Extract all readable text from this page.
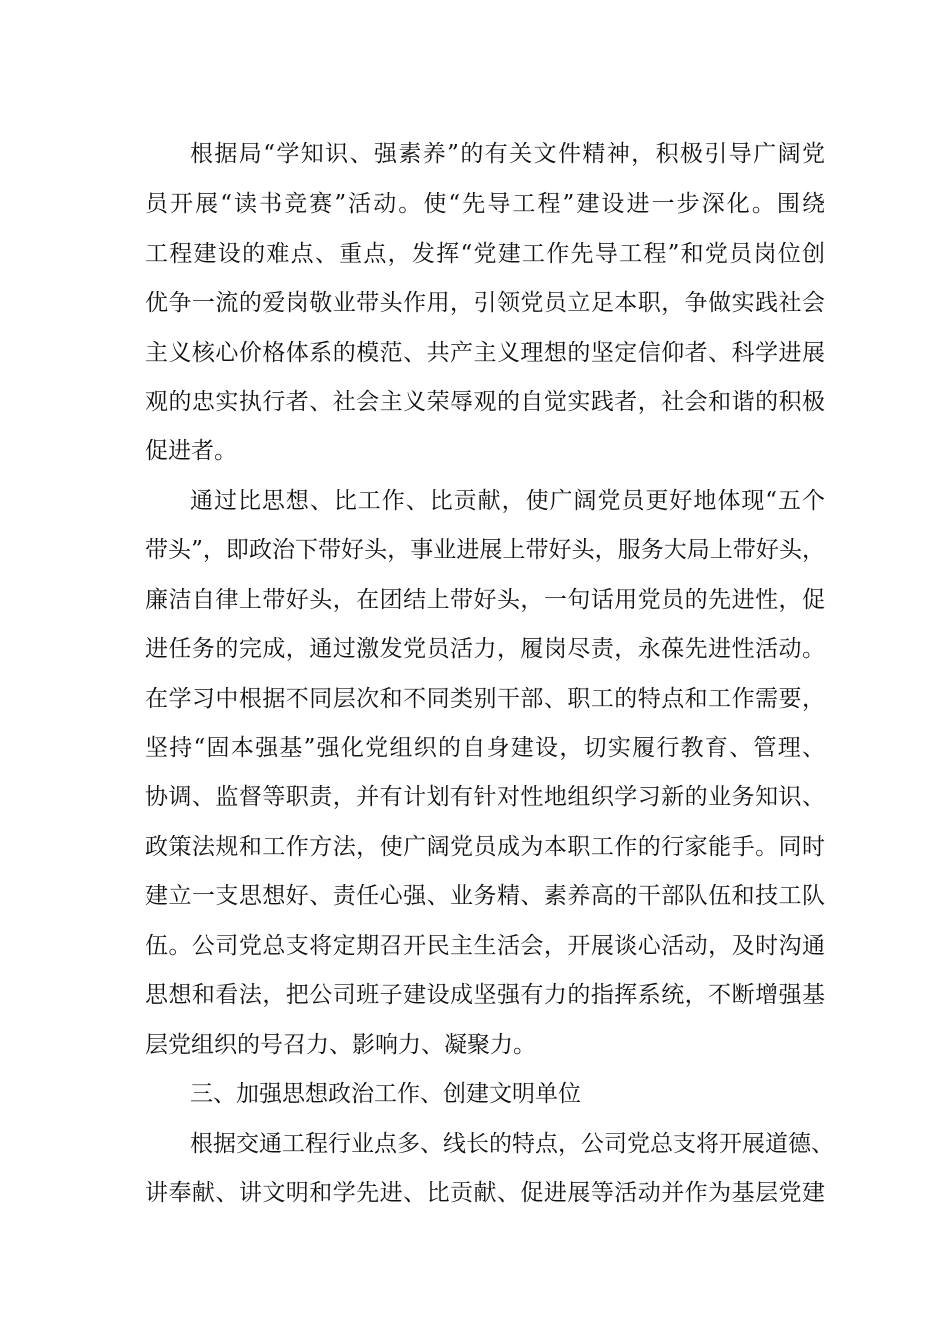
根据局“学知识、强素养”的有关文件精神，积极引导广阔党
员开展“读书竞赛”活动。使“先导工程”建设进一步深化。围绕
工程建设的难点、重点，发挥“党建工作先导工程”和党员岗位创
优争一流的爱岗敬业带头作用，引领党员立足本职，争做实践社会
主义核心价格体系的模范、共产主义理想的坚定信仰者、科学进展
观的忠实执行者、社会主义荣辱观的自觉实践者，社会和谐的积极
促进者。
通过比思想、比工作、比贡献，使广阔党员更好地体现“五个
带头”，即政治下带好头，事业进展上带好头，服务大局上带好头，
廉洁自律上带好头，在团结上带好头，一句话用党员的先进性，促
进任务的完成，通过激发党员活力，履岗尽责，永葆先进性活动。
在学习中根据不同层次和不同类别干部、职工的特点和工作需要，
坚持“固本强基”强化党组织的自身建设，切实履行教育、管理、
协调、监督等职责，并有计划有针对性地组织学习新的业务知识、
政策法规和工作方法，使广阔党员成为本职工作的行家能手。同时
建立一支思想好、责任心强、业务精、素养高的干部队伍和技工队
伍。公司党总支将定期召开民主生活会，开展谈心活动，及时沟通
思想和看法，把公司班子建设成坚强有力的指挥系统，不断增强基
层党组织的号召力、影响力、凝聚力。
三、加强思想政治工作、创建文明单位
根据交通工程行业点多、线长的特点，公司党总支将开展道德、
讲奉献、讲文明和学先进、比贡献、促进展等活动并作为基层党建
